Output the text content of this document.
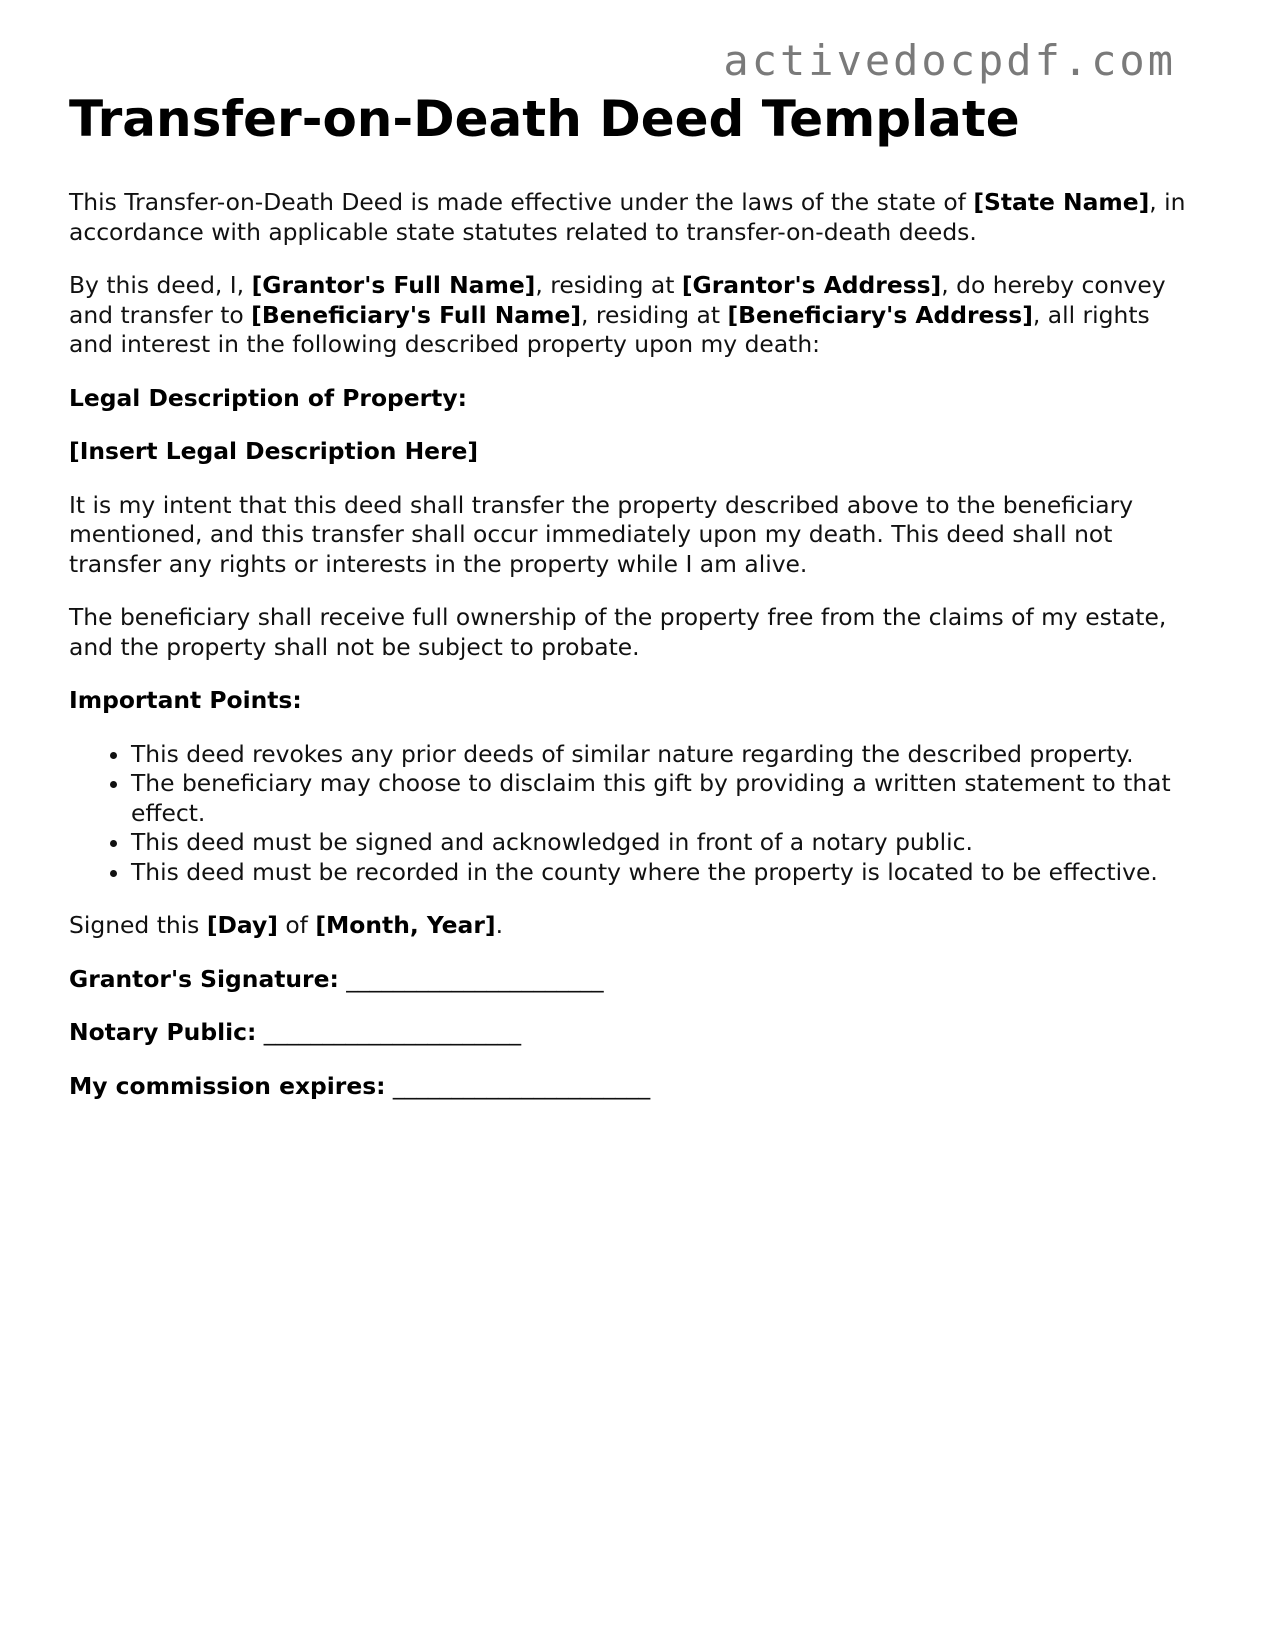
activedocpdf.com
Transfer-on-Death Deed Template

This Transfer-on-Death Deed is made effective under the laws of the state of [State Name], in accordance with applicable state statutes related to transfer-on-death deeds.

By this deed, I, [Grantor's Full Name], residing at [Grantor's Address], do hereby convey and transfer to [Beneficiary's Full Name], residing at [Beneficiary's Address], all rights and interest in the following described property upon my death:

Legal Description of Property:

[Insert Legal Description Here]

It is my intent that this deed shall transfer the property described above to the beneficiary mentioned, and this transfer shall occur immediately upon my death. This deed shall not transfer any rights or interests in the property while I am alive.

The beneficiary shall receive full ownership of the property free from the claims of my estate, and the property shall not be subject to probate.

Important Points:

• This deed revokes any prior deeds of similar nature regarding the described property.
• The beneficiary may choose to disclaim this gift by providing a written statement to that effect.
• This deed must be signed and acknowledged in front of a notary public.
• This deed must be recorded in the county where the property is located to be effective.

Signed this [Day] of [Month, Year].

Grantor's Signature: ______________________

Notary Public: ______________________

My commission expires: ______________________
